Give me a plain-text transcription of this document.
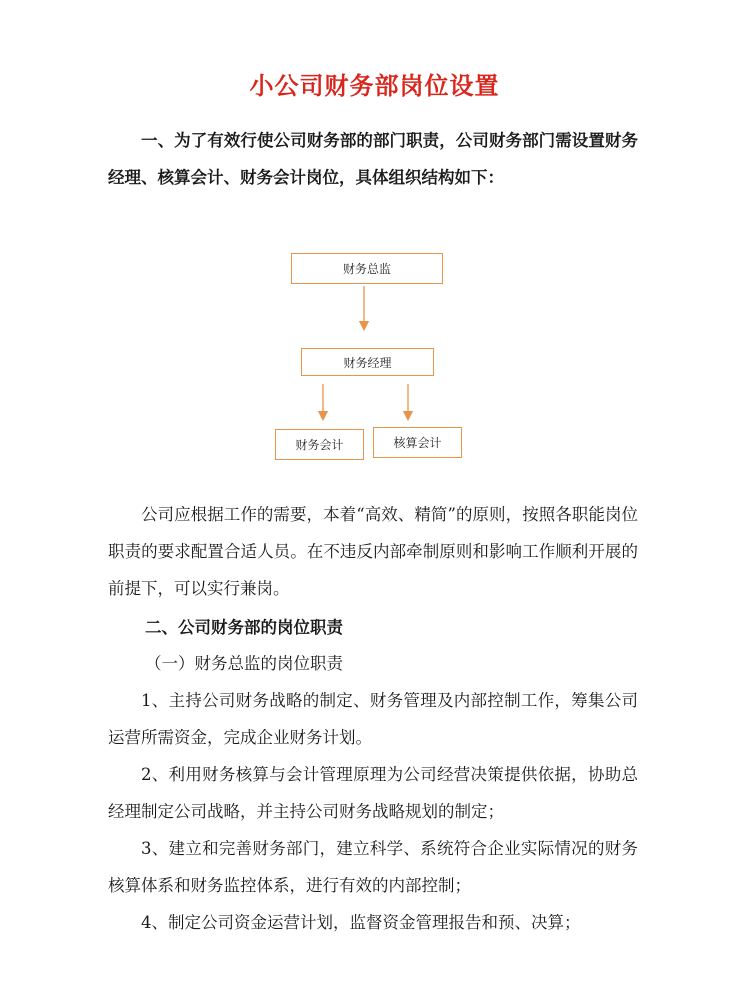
小公司财务部岗位设置
一、为了有效行使公司财务部的部门职责，公司财务部门需设置财务经理、核算会计、财务会计岗位，具体组织结构如下：
财务总监
财务经理
财务会计	核算会计
公司应根据工作的需要，本着“高效、精简”的原则，按照各职能岗位职责的要求配置合适人员。在不违反内部牵制原则和影响工作顺利开展的前提下，可以实行兼岗。
二、公司财务部的岗位职责
（一）财务总监的岗位职责
1、主持公司财务战略的制定、财务管理及内部控制工作，筹集公司运营所需资金，完成企业财务计划。
2、利用财务核算与会计管理原理为公司经营决策提供依据，协助总经理制定公司战略，并主持公司财务战略规划的制定；
3、建立和完善财务部门，建立科学、系统符合企业实际情况的财务核算体系和财务监控体系，进行有效的内部控制；
4、制定公司资金运营计划，监督资金管理报告和预、决算；
